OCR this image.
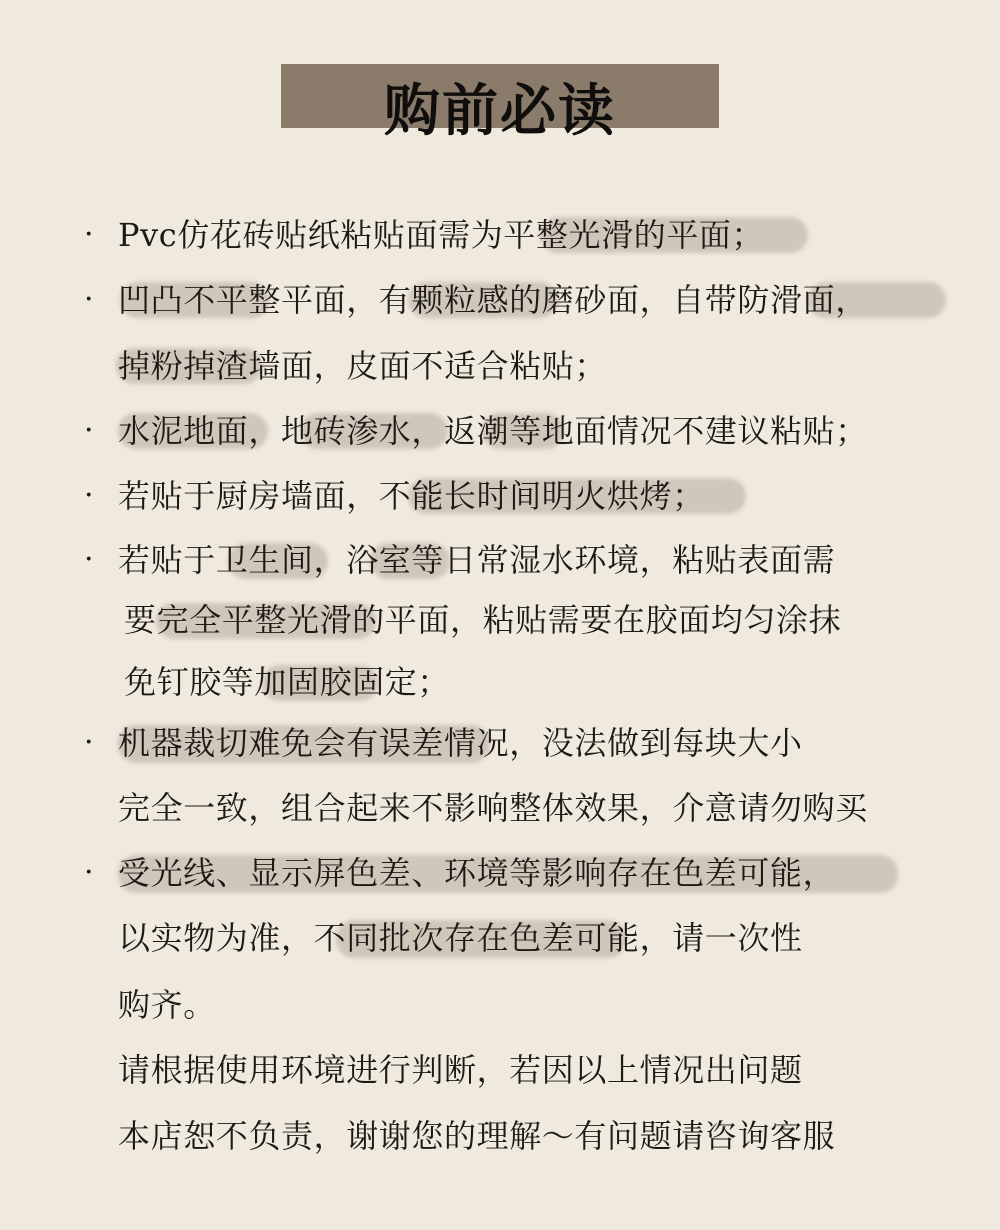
购前必读
·
·
·
·
·
·
·
Pvc仿花砖贴纸粘贴面需为平整光滑的平面；
凹凸不平整平面，有颗粒感的磨砂面，自带防滑面，
掉粉掉渣墙面，皮面不适合粘贴；
水泥地面，地砖渗水，返潮等地面情况不建议粘贴；
若贴于厨房墙面，不能长时间明火烘烤；
若贴于卫生间，浴室等日常湿水环境，粘贴表面需
要完全平整光滑的平面，粘贴需要在胶面均匀涂抹
免钉胶等加固胶固定；
机器裁切难免会有误差情况，没法做到每块大小
完全一致，组合起来不影响整体效果，介意请勿购买
受光线、显示屏色差、环境等影响存在色差可能，
以实物为准，不同批次存在色差可能，请一次性
购齐。
请根据使用环境进行判断，若因以上情况出问题
本店恕不负责，谢谢您的理解～有问题请咨询客服
